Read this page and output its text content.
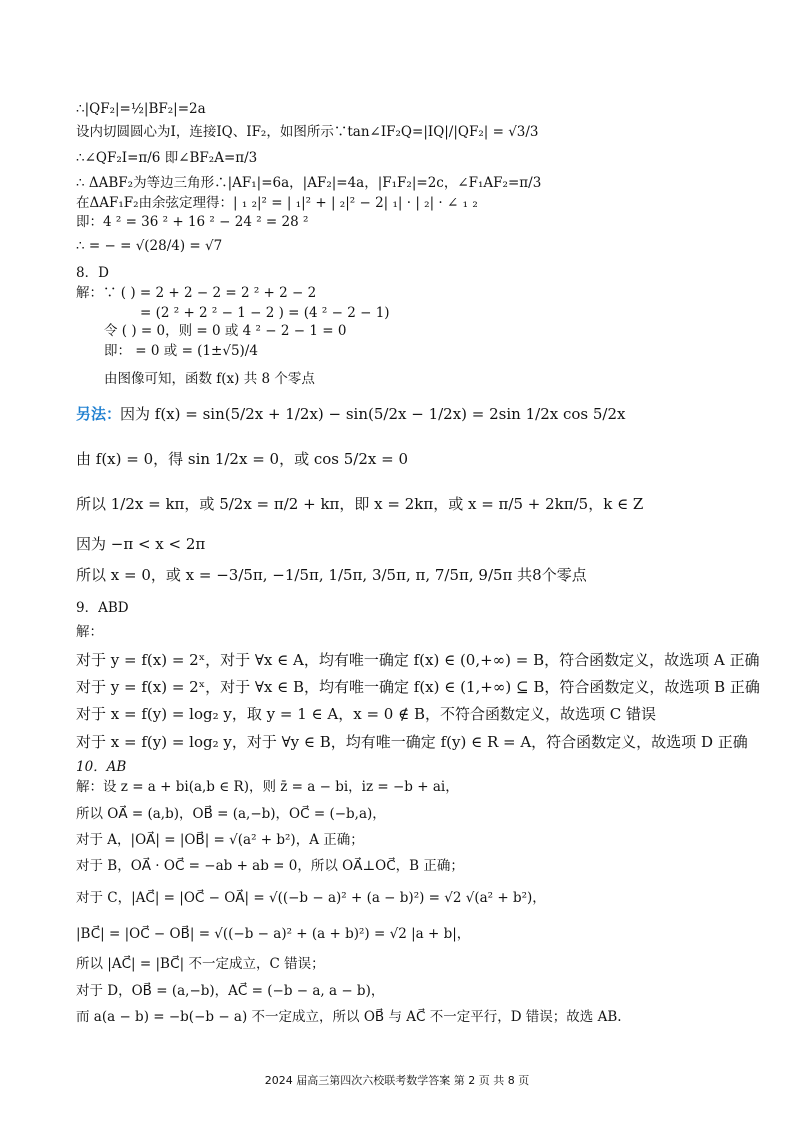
∴|QF₂|=½|BF₂|=2a
设内切圆圆心为I，连接IQ、IF₂，如图所示∵tan∠IF₂Q=|IQ|/|QF₂| = √3/3
∴∠QF₂I=π/6 即∠BF₂A=π/3
∴ ΔABF₂为等边三角形∴|AF₁|=6a，|AF₂|=4a，|F₁F₂|=2c，∠F₁AF₂=π/3
在ΔAF₁F₂由余弦定理得：| ₁ ₂|² = | ₁|² + | ₂|² − 2| ₁| · | ₂| · ∠ ₁ ₂
即：4 ² = 36 ² + 16 ² − 24 ² = 28 ²
∴ = − = √(28/4) = √7
8．D
解：∵ ( ) = 2 + 2 − 2 = 2 ² + 2 − 2
= (2 ² + 2 ² − 1 − 2 ) = (4 ² − 2 − 1)
令 ( ) = 0，则 = 0 或 4 ² − 2 − 1 = 0
即： = 0 或 = (1±√5)/4
由图像可知，函数 f(x) 共 8 个零点
另法：
因为 f(x) = sin(5/2x + 1/2x) − sin(5/2x − 1/2x) = 2sin 1/2x cos 5/2x
由 f(x) = 0，得 sin 1/2x = 0，或 cos 5/2x = 0
所以 1/2x = kπ，或 5/2x = π/2 + kπ，即 x = 2kπ，或 x = π/5 + 2kπ/5，k ∈ Z
因为 −π < x < 2π
所以 x = 0，或 x = −3/5π, −1/5π, 1/5π, 3/5π, π, 7/5π, 9/5π 共8个零点
9．ABD
解：
对于 y = f(x) = 2ˣ，对于 ∀x ∈ A，均有唯一确定 f(x) ∈ (0,+∞) = B，符合函数定义，故选项 A 正确
对于 y = f(x) = 2ˣ，对于 ∀x ∈ B，均有唯一确定 f(x) ∈ (1,+∞) ⊆ B，符合函数定义，故选项 B 正确
对于 x = f(y) = log₂ y，取 y = 1 ∈ A，x = 0 ∉ B，不符合函数定义，故选项 C 错误
对于 x = f(y) = log₂ y，对于 ∀y ∈ B，均有唯一确定 f(y) ∈ R = A，符合函数定义，故选项 D 正确
10．AB
解：设 z = a + bi(a,b ∈ R)，则 z̄ = a − bi，iz = −b + ai，
所以 OA⃗ = (a,b)，OB⃗ = (a,−b)，OC⃗ = (−b,a)，
对于 A，|OA⃗| = |OB⃗| = √(a² + b²)，A 正确；
对于 B，OA⃗ · OC⃗ = −ab + ab = 0，所以 OA⃗⊥OC⃗，B 正确；
对于 C，|AC⃗| = |OC⃗ − OA⃗| = √((−b − a)² + (a − b)²) = √2 √(a² + b²)，
|BC⃗| = |OC⃗ − OB⃗| = √((−b − a)² + (a + b)²) = √2 |a + b|，
所以 |AC⃗| = |BC⃗| 不一定成立，C 错误；
对于 D，OB⃗ = (a,−b)，AC⃗ = (−b − a, a − b)，
而 a(a − b) = −b(−b − a) 不一定成立，所以 OB⃗ 与 AC⃗ 不一定平行，D 错误；故选 AB.
2024 届高三第四次六校联考数学答案 第 2 页 共 8 页
